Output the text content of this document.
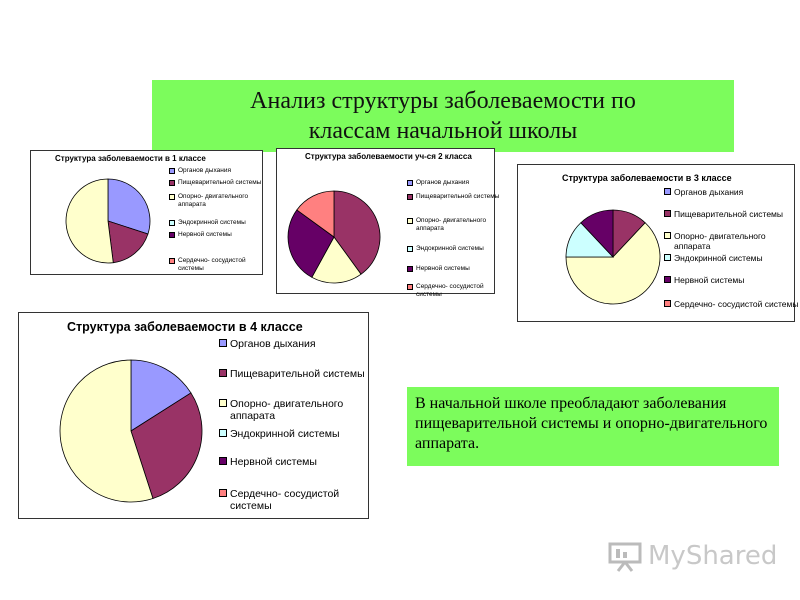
Анализ структуры заболеваемости по классам начальной школы
Структура заболеваемости в 1 классе
Органов дыхания
Пищеварительной системы
Опорно- двигательного аппарата
Эндокринной системы
Нервной системы
Сердечно- сосудистой системы
Структура заболеваемости уч-ся 2 класса
Органов дыхания
Пищеварительной системы
Опорно- двигательного аппарата
Эндокринной системы
Нервной системы
Сердечно- сосудистой системы
Структура заболеваемости в 3 классе
Органов дыхания
Пищеварительной системы
Опорно- двигательного аппарата
Эндокринной системы
Нервной системы
Сердечно- сосудистой системы
Структура заболеваемости в 4 классе
Органов дыхания
Пищеварительной системы
Опорно- двигательного аппарата
Эндокринной системы
Нервной системы
Сердечно- сосудистой системы
В начальной школе преобладают заболевания пищеварительной системы и опорно-двигательного аппарата.
MyShared
